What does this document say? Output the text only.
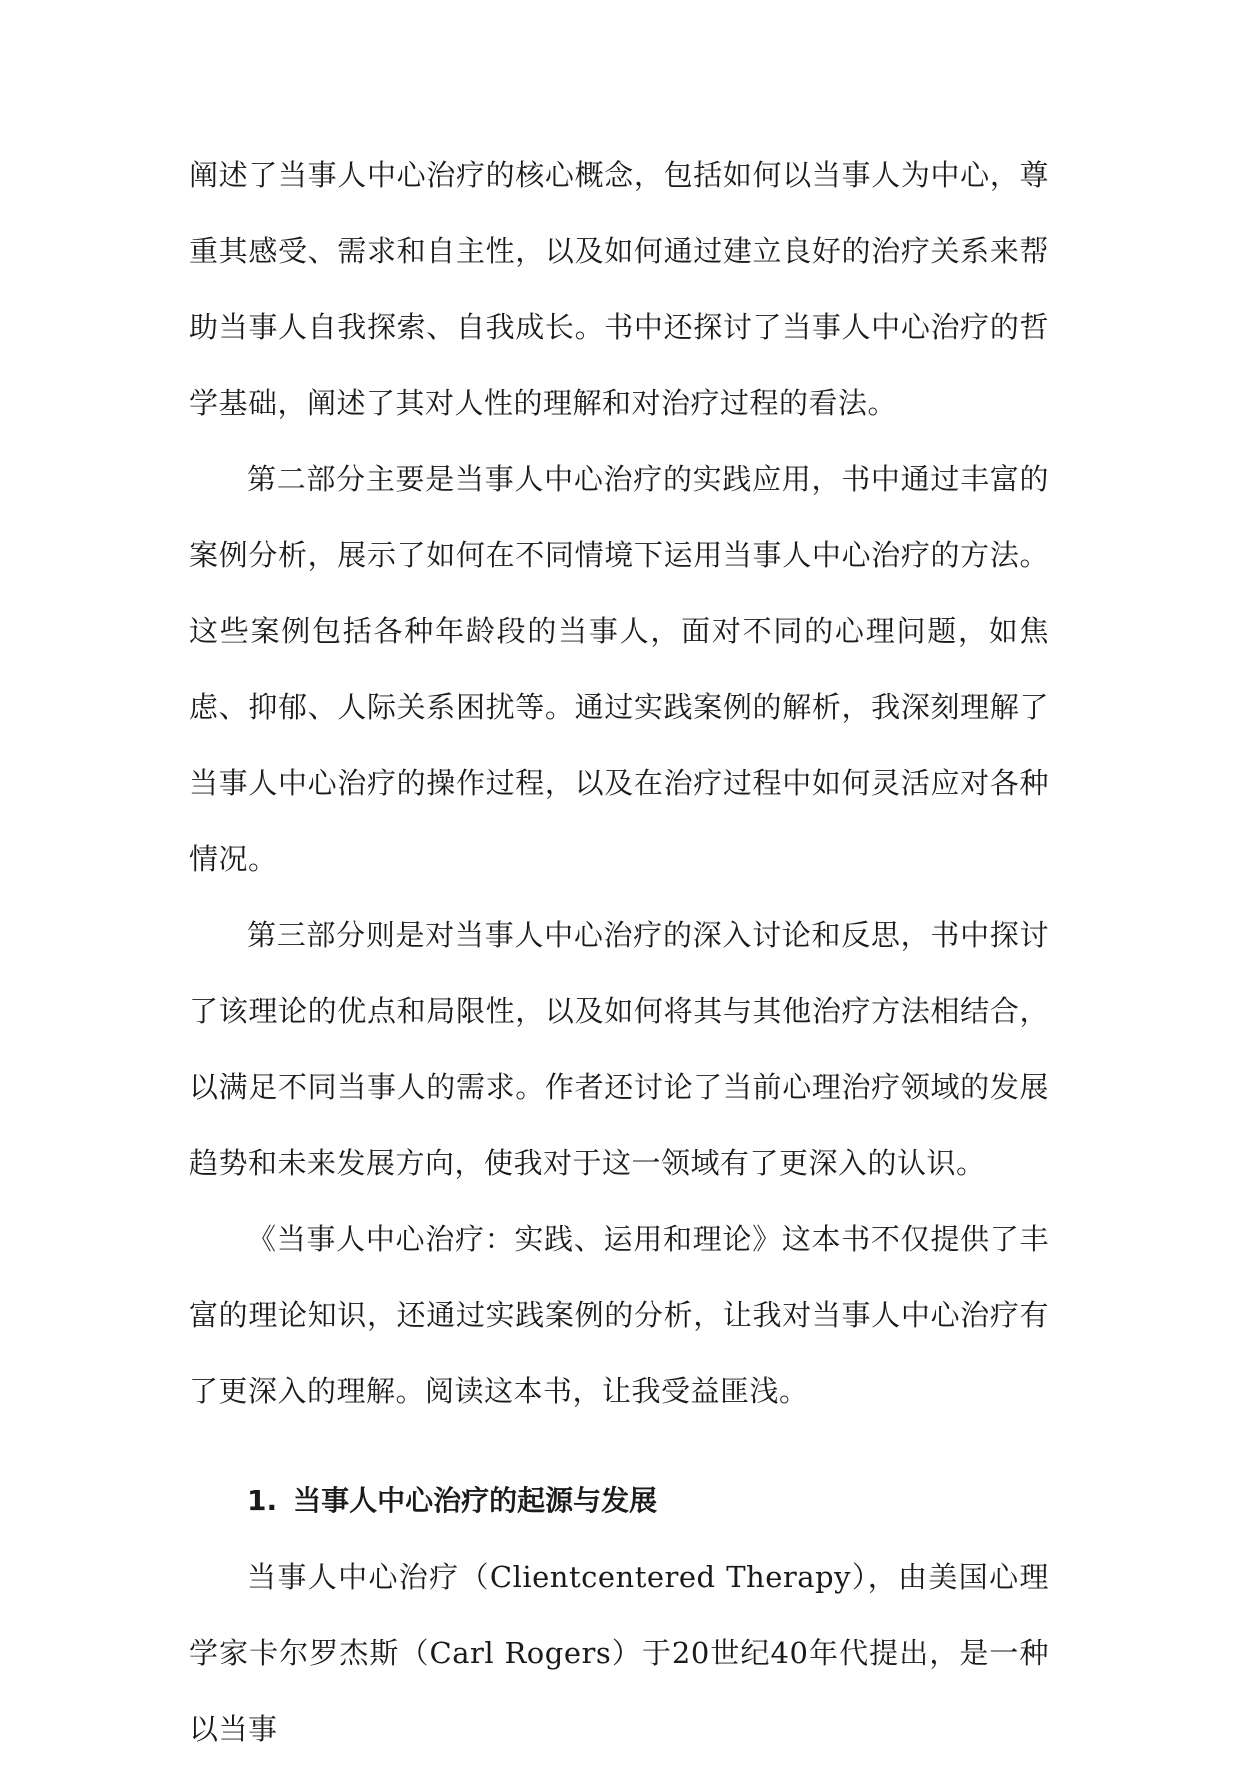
阐述了当事人中心治疗的核心概念，包括如何以当事人为中心，尊重其感受、需求和自主性，以及如何通过建立良好的治疗关系来帮助当事人自我探索、自我成长。书中还探讨了当事人中心治疗的哲学基础，阐述了其对人性的理解和对治疗过程的看法。

第二部分主要是当事人中心治疗的实践应用，书中通过丰富的案例分析，展示了如何在不同情境下运用当事人中心治疗的方法。这些案例包括各种年龄段的当事人，面对不同的心理问题，如焦虑、抑郁、人际关系困扰等。通过实践案例的解析，我深刻理解了当事人中心治疗的操作过程，以及在治疗过程中如何灵活应对各种情况。

第三部分则是对当事人中心治疗的深入讨论和反思，书中探讨了该理论的优点和局限性，以及如何将其与其他治疗方法相结合，以满足不同当事人的需求。作者还讨论了当前心理治疗领域的发展趋势和未来发展方向，使我对于这一领域有了更深入的认识。

《当事人中心治疗：实践、运用和理论》这本书不仅提供了丰富的理论知识，还通过实践案例的分析，让我对当事人中心治疗有了更深入的理解。阅读这本书，让我受益匪浅。

1. 当事人中心治疗的起源与发展

当事人中心治疗（Clientcentered Therapy），由美国心理学家卡尔罗杰斯（Carl Rogers）于20世纪40年代提出，是一种以当事
